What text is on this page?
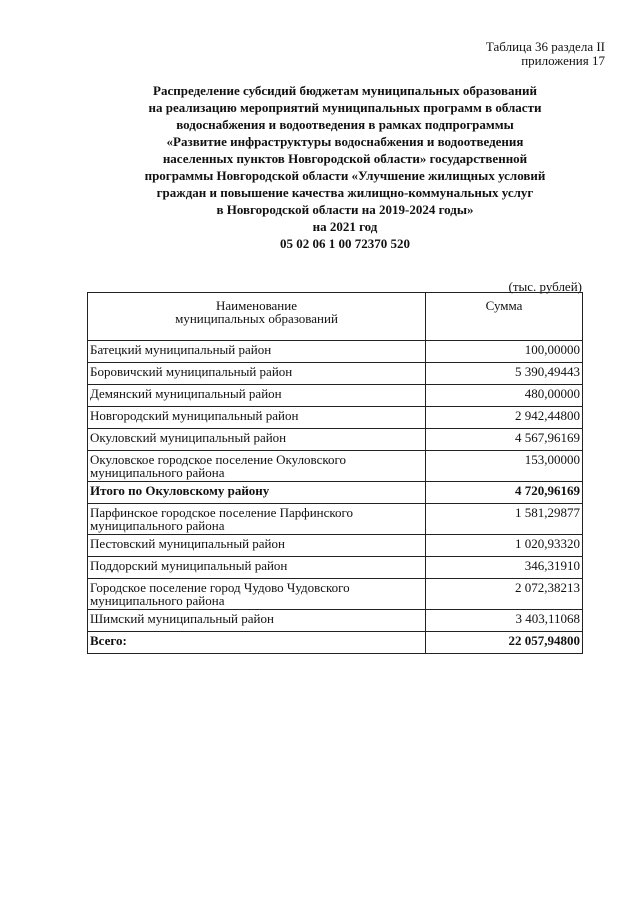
Таблица 36 раздела II
приложения 17
Распределение субсидий бюджетам муниципальных образований
на реализацию мероприятий муниципальных программ в области
водоснабжения и водоотведения в рамках подпрограммы
«Развитие инфраструктуры водоснабжения и водоотведения
населенных пунктов Новгородской области» государственной
программы Новгородской области «Улучшение жилищных условий
граждан и повышение качества жилищно-коммунальных услуг
в Новгородской области на 2019-2024 годы»
на 2021 год
05 02 06 1 00 72370 520
(тыс. рублей)
Наименование
муниципальных образований	Сумма
Батецкий муниципальный район	100,00000
Боровичский муниципальный район	5 390,49443
Демянский муниципальный район	480,00000
Новгородский муниципальный район	2 942,44800
Окуловский муниципальный район	4 567,96169
Окуловское городское поселение Окуловского муниципального района	153,00000
Итого по Окуловскому району	4 720,96169
Парфинское городское поселение Парфинского муниципального района	1 581,29877
Пестовский муниципальный район	1 020,93320
Поддорский муниципальный район	346,31910
Городское поселение город Чудово Чудовского муниципального района	2 072,38213
Шимский муниципальный район	3 403,11068
Всего:	22 057,94800
